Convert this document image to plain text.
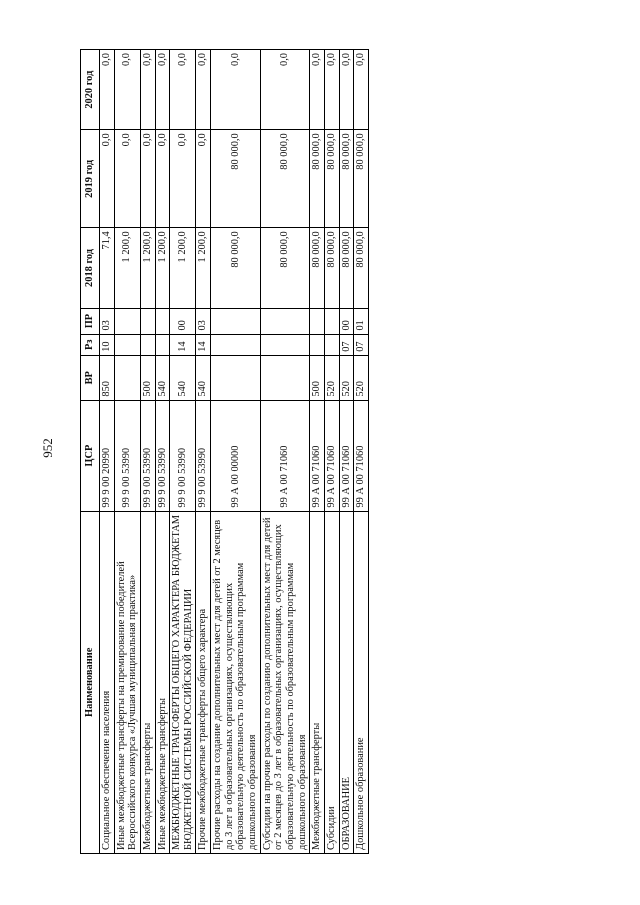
952
Наименование	ЦСР	ВР	Рз	ПР	2018 год	2019 год	2020 год
Социальное обеспечение населения	99 9 00 20990	850	10	03	71,4	0,0	0,0
Иные межбюджетные трансферты на премирование победителей Всероссийского конкурса «Лучшая муниципальная практика»	99 9 00 53990				1 200,0	0,0	0,0
Межбюджетные трансферты	99 9 00 53990	500			1 200,0	0,0	0,0
Иные межбюджетные трансферты	99 9 00 53990	540			1 200,0	0,0	0,0
МЕЖБЮДЖЕТНЫЕ ТРАНСФЕРТЫ ОБЩЕГО ХАРАКТЕРА БЮДЖЕТАМ БЮДЖЕТНОЙ СИСТЕМЫ РОССИЙСКОЙ ФЕДЕРАЦИИ	99 9 00 53990	540	14	00	1 200,0	0,0	0,0
Прочие межбюджетные трансферты общего характера	99 9 00 53990	540	14	03	1 200,0	0,0	0,0
Прочие расходы на создание дополнительных мест для детей от 2 месяцев до 3 лет в образовательных организациях, осуществляющих образовательную деятельность по образовательным программам дошкольного образования	99 А 00 00000				80 000,0	80 000,0	0,0
Субсидии на прочие расходы по созданию дополнительных мест для детей от 2 месяцев до 3 лет в образовательных организациях, осуществляющих образовательную деятельность по образовательным программам дошкольного образования	99 А 00 71060				80 000,0	80 000,0	0,0
Межбюджетные трансферты	99 А 00 71060	500			80 000,0	80 000,0	0,0
Субсидии	99 А 00 71060	520			80 000,0	80 000,0	0,0
ОБРАЗОВАНИЕ	99 А 00 71060	520	07	00	80 000,0	80 000,0	0,0
Дошкольное образование	99 А 00 71060	520	07	01	80 000,0	80 000,0	0,0
